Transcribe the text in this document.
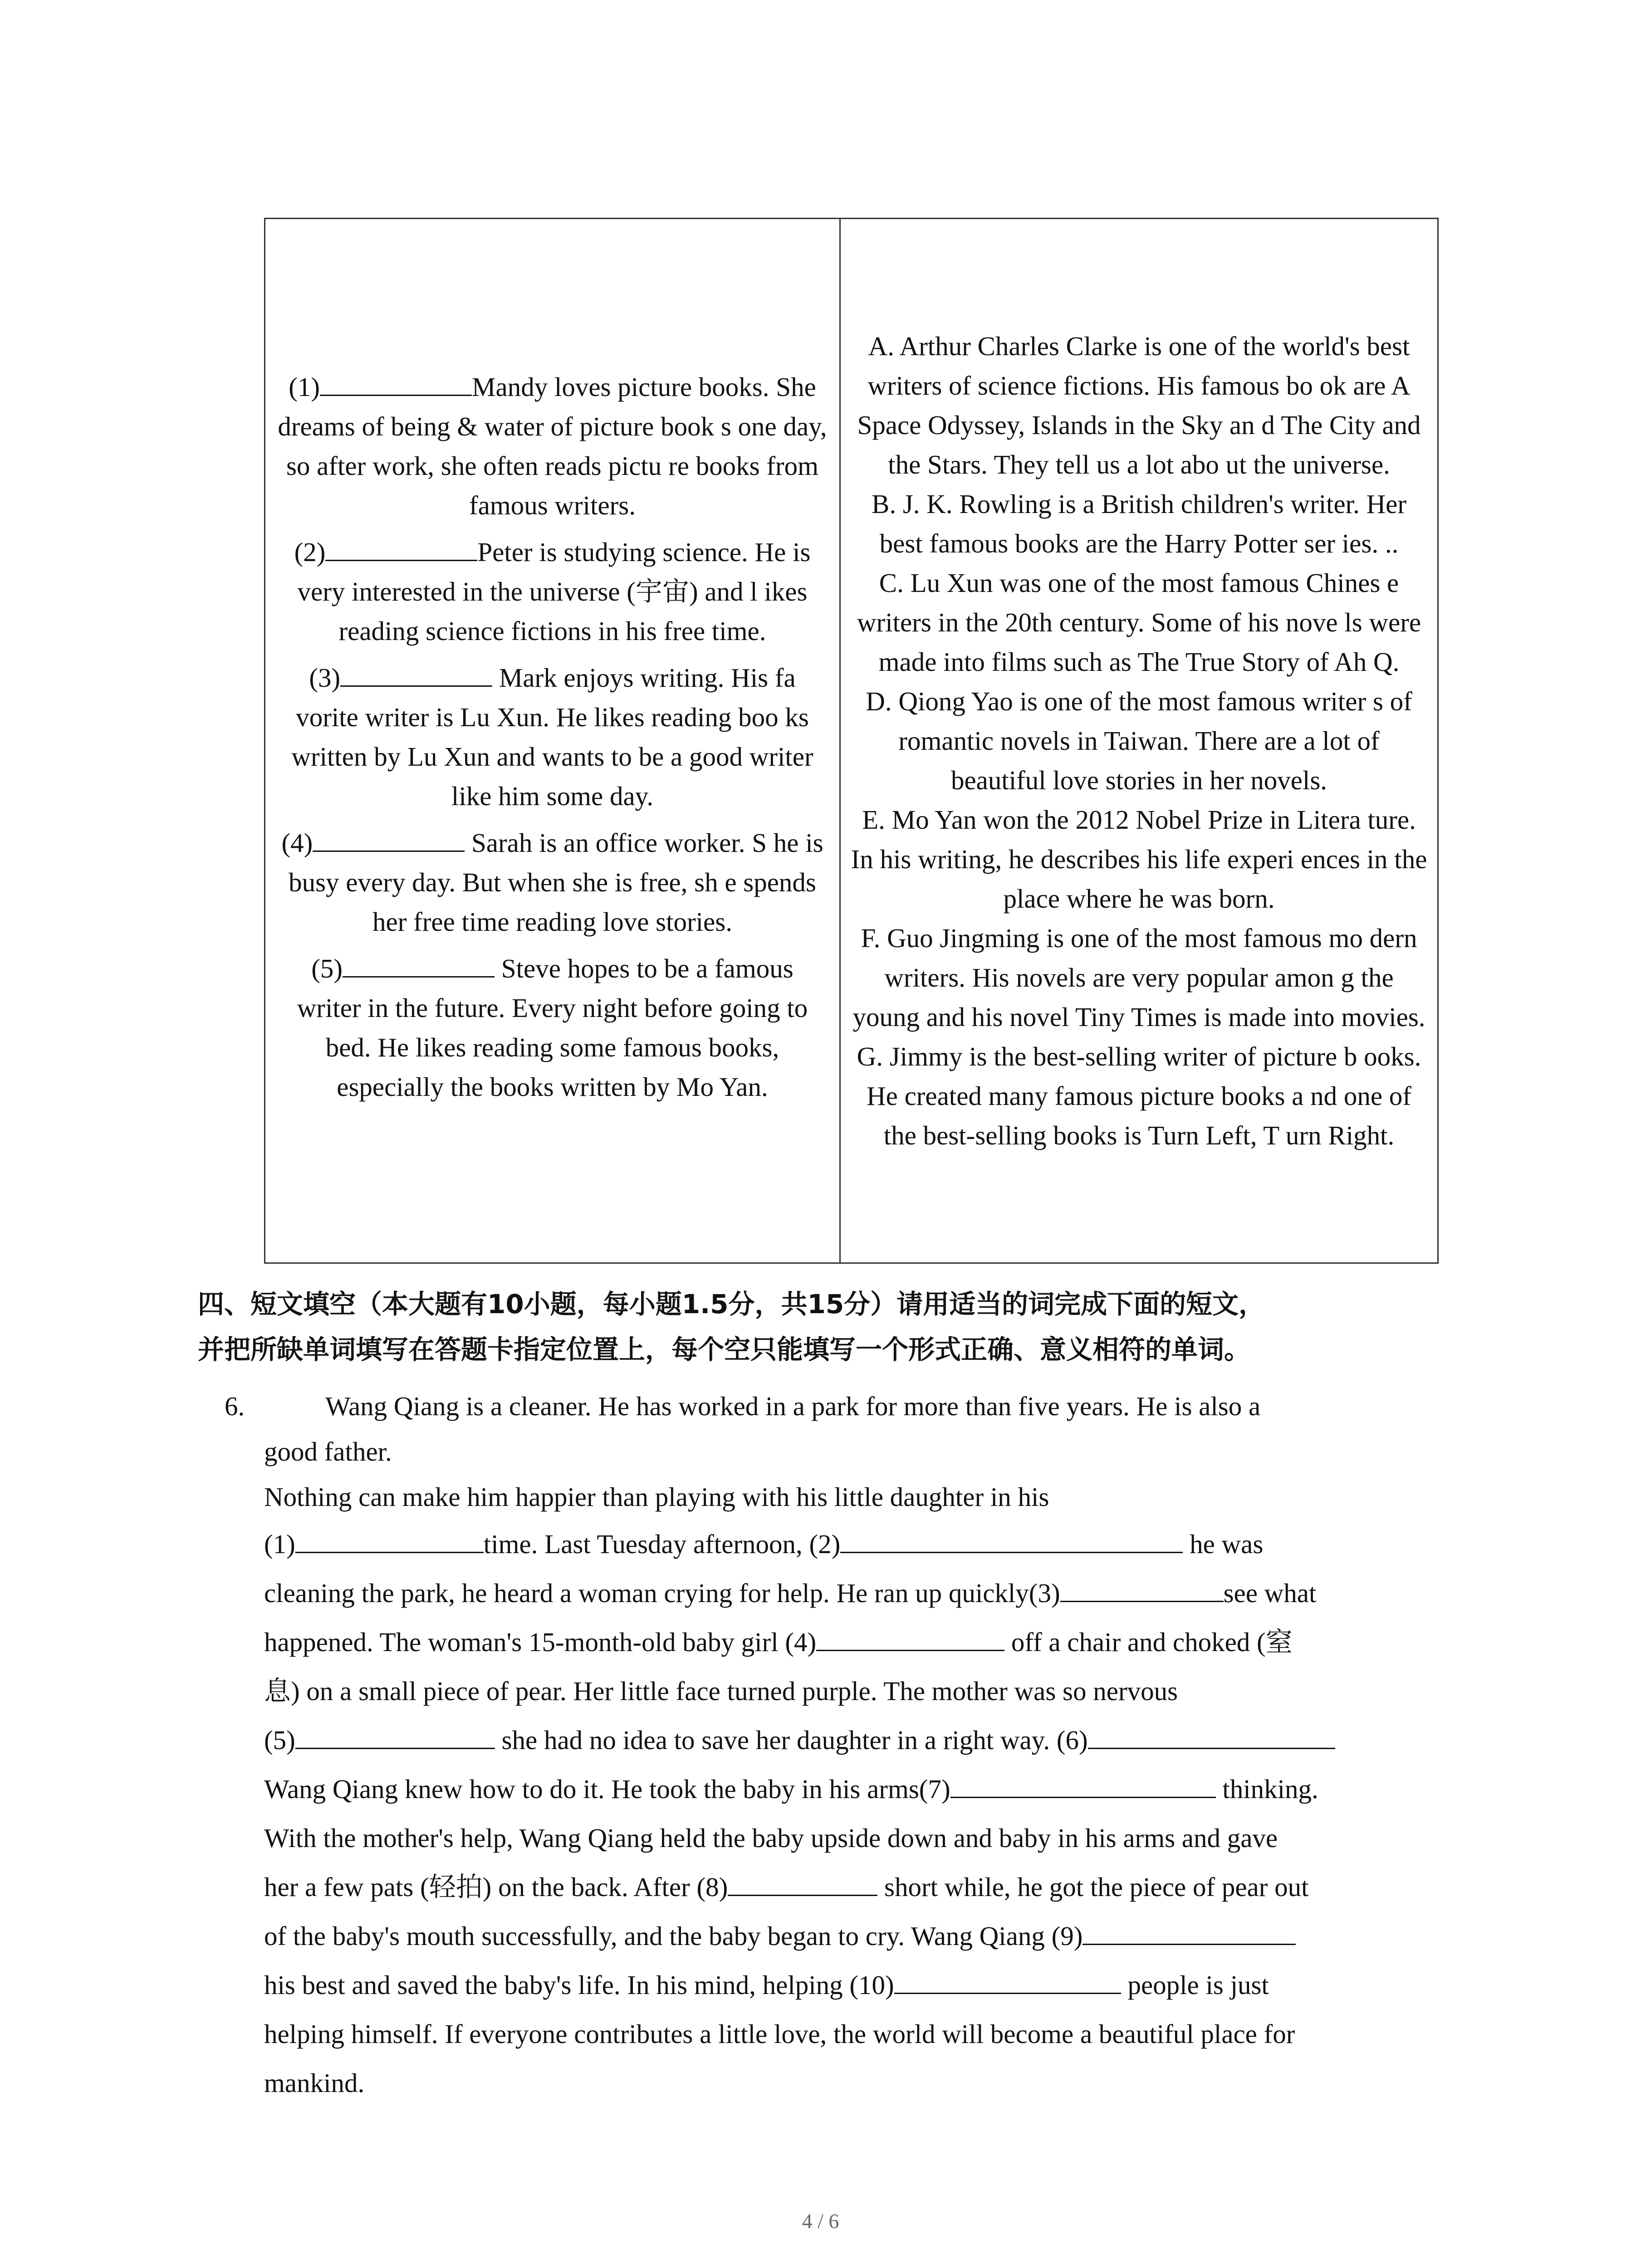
(1)	Mandy loves picture books. She dreams of being & water of picture book s one day, so after work, she often reads pictu re books from famous writers.

(2)	Peter is studying science. He is very interested in the universe (宇宙) and l ikes reading science fictions in his free time.

(3)	Mark enjoys writing. His fa vorite writer is Lu Xun. He likes reading boo ks written by Lu Xun and wants to be a good writer like him some day.

(4)	Sarah is an office worker. S he is busy every day. But when she is free, sh e spends her free time reading love stories.

(5)	Steve hopes to be a famous writer in the future. Every night before going to bed. He likes reading some famous books, especially the books written by Mo Yan.

A. Arthur Charles Clarke is one of the world's best writers of science fictions. His famous bo ok are A Space Odyssey, Islands in the Sky an d The City and the Stars. They tell us a lot abo ut the universe.

B. J. K. Rowling is a British children's writer. Her best famous books are the Harry Potter ser ies. ..

C. Lu Xun was one of the most famous Chines e writers in the 20th century. Some of his nove ls were made into films such as The True Story of Ah Q.

D. Qiong Yao is one of the most famous writer s of romantic novels in Taiwan. There are a lot of beautiful love stories in her novels.

E. Mo Yan won the 2012 Nobel Prize in Litera ture. In his writing, he describes his life experi ences in the place where he was born.

F. Guo Jingming is one of the most famous mo dern writers. His novels are very popular amon g the young and his novel Tiny Times is made into movies.

G. Jimmy is the best-selling writer of picture b ooks. He created many famous picture books a nd one of the best-selling books is Turn Left, T urn Right.

四、短文填空（本大题有10小题，每小题1.5分，共15分）请用适当的词完成下面的短文，
并把所缺单词填写在答题卡指定位置上，每个空只能填写一个形式正确、意义相符的单词。

6.	Wang Qiang is a cleaner. He has worked in a park for more than five years. He is also a
good father.
Nothing can make him happier than playing with his little daughter in his
(1)	time. Last Tuesday afternoon, (2)	he was
cleaning the park, he heard a woman crying for help. He ran up quickly(3)	see what
happened. The woman's 15-month-old baby girl (4)	off a chair and choked (窒
息) on a small piece of pear. Her little face turned purple. The mother was so nervous
(5)	she had no idea to save her daughter in a right way. (6)
Wang Qiang knew how to do it. He took the baby in his arms(7)	thinking.
With the mother's help, Wang Qiang held the baby upside down and baby in his arms and gave
her a few pats (轻拍) on the back. After (8)	short while, he got the piece of pear out
of the baby's mouth successfully, and the baby began to cry. Wang Qiang (9)
his best and saved the baby's life. In his mind, helping (10)	people is just
helping himself. If everyone contributes a little love, the world will become a beautiful place for
mankind.
4 / 6
